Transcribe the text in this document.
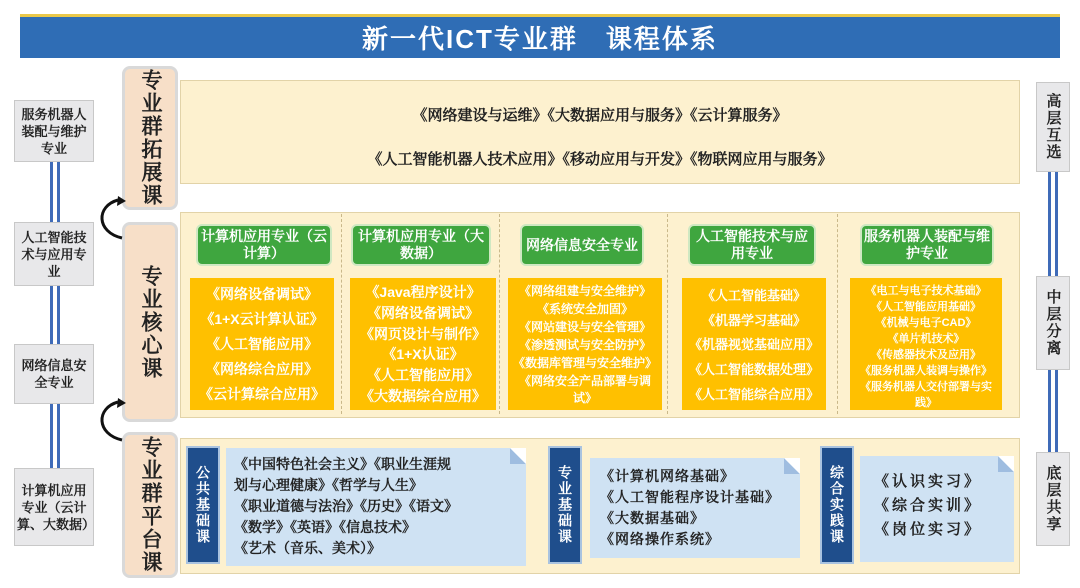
新一代ICT专业群　课程体系
服务机器人装配与维护专业
人工智能技术与应用专业
网络信息安全专业
计算机应用专业（云计算、大数据）
高层互选
中层分离
底层共享
专业群拓展课
专业核心课
专业群平台课
《网络建设与运维》《大数据应用与服务》《云计算服务》
《人工智能机器人技术应用》《移动应用与开发》《物联网应用与服务》
计算机应用专业（云计算）
计算机应用专业（大数据）
网络信息安全专业
人工智能技术与应用专业
服务机器人装配与维护专业
《网络设备调试》
《1+X云计算认证》
《人工智能应用》
《网络综合应用》
《云计算综合应用》
《Java程序设计》
《网络设备调试》
《网页设计与制作》
《1+X认证》
《人工智能应用》
《大数据综合应用》
《网络组建与安全维护》
《系统安全加固》
《网站建设与安全管理》
《渗透测试与安全防护》
《数据库管理与安全维护》
《网络安全产品部署与调试》
《人工智能基础》
《机器学习基础》
《机器视觉基础应用》
《人工智能数据处理》
《人工智能综合应用》
《电工与电子技术基础》
《人工智能应用基础》
《机械与电子CAD》
《单片机技术》
《传感器技术及应用》
《服务机器人装调与操作》
《服务机器人交付部署与实践》
公共基础课
《中国特色社会主义》《职业生涯规
划与心理健康》《哲学与人生》
《职业道德与法治》《历史》《语文》
《数学》《英语》《信息技术》
《艺术（音乐、美术）》
专业基础课 《计算机网络基础》
《人工智能程序设计基础》
《大数据基础》
《网络操作系统》	综合实践课 《认识实习》
《综合实训》
《岗位实习》
